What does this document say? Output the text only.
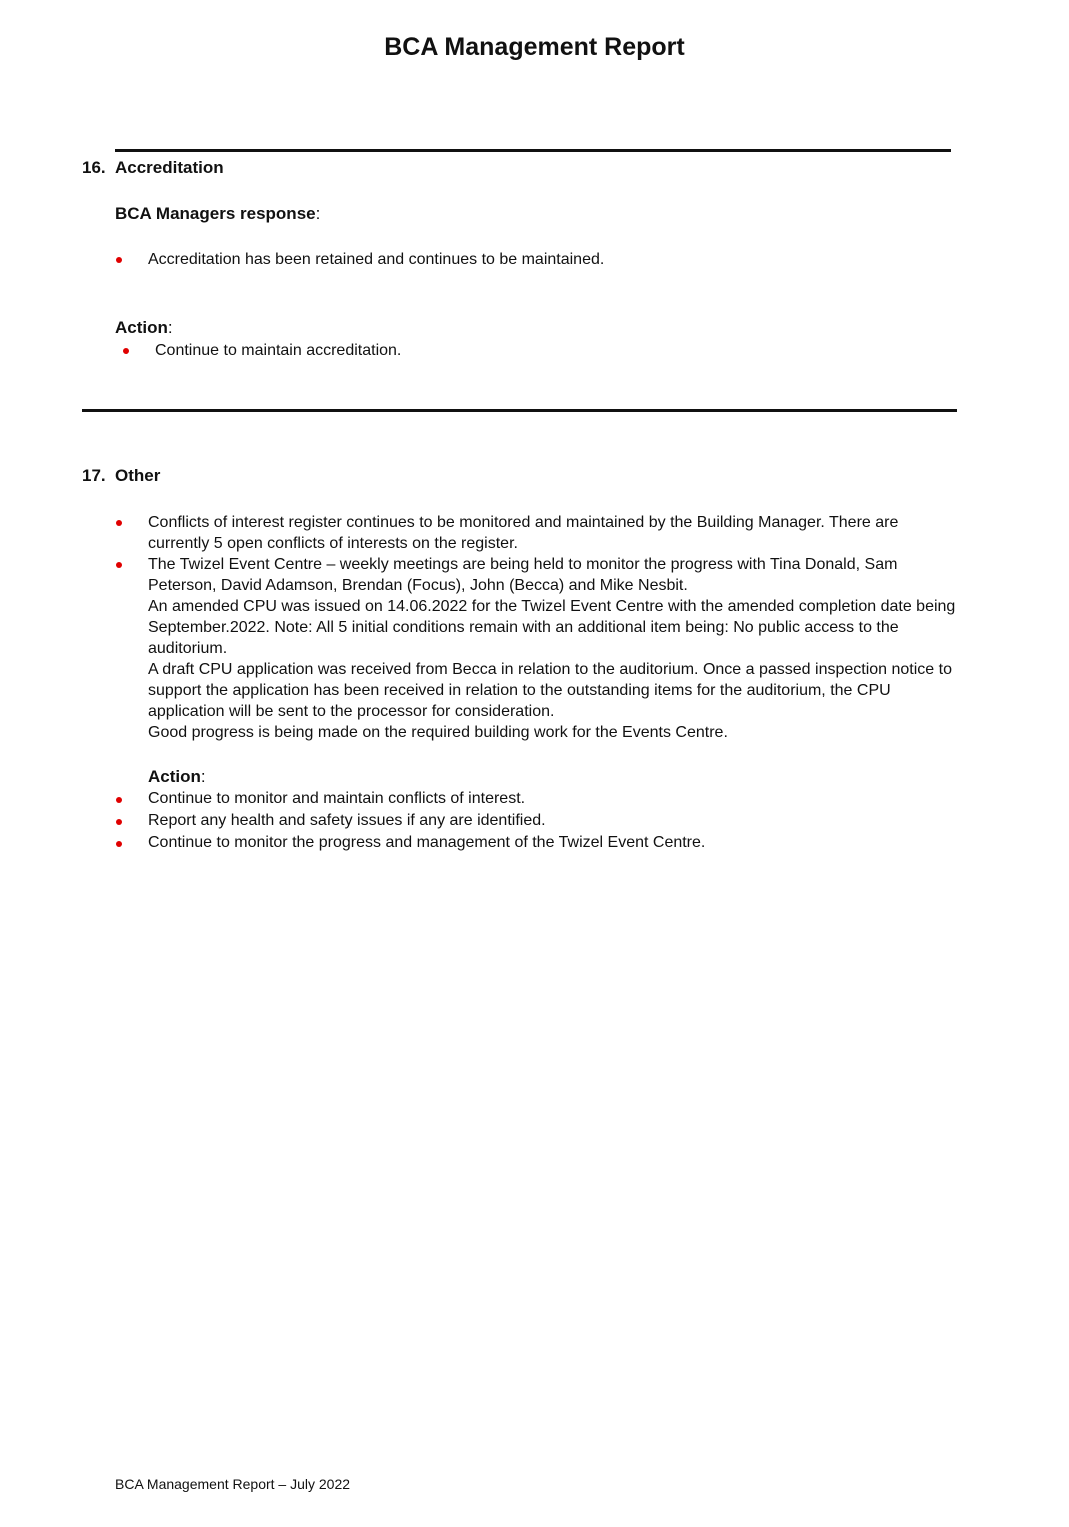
BCA Management Report
16. Accreditation
BCA Managers response:
Accreditation has been retained and continues to be maintained.
Action:
Continue to maintain accreditation.
17. Other
Conflicts of interest register continues to be monitored and maintained by the Building Manager. There are currently 5 open conflicts of interests on the register.
The Twizel Event Centre – weekly meetings are being held to monitor the progress with Tina Donald, Sam Peterson, David Adamson, Brendan (Focus), John (Becca) and Mike Nesbit.

An amended CPU was issued on 14.06.2022 for the Twizel Event Centre with the amended completion date being September.2022. Note: All 5 initial conditions remain with an additional item being: No public access to the auditorium.

A draft CPU application was received from Becca in relation to the auditorium. Once a passed inspection notice to support the application has been received in relation to the outstanding items for the auditorium, the CPU application will be sent to the processor for consideration.

Good progress is being made on the required building work for the Events Centre.

Action:
Continue to monitor and maintain conflicts of interest.
Report any health and safety issues if any are identified.
Continue to monitor the progress and management of the Twizel Event Centre.
BCA Management Report – July 2022
